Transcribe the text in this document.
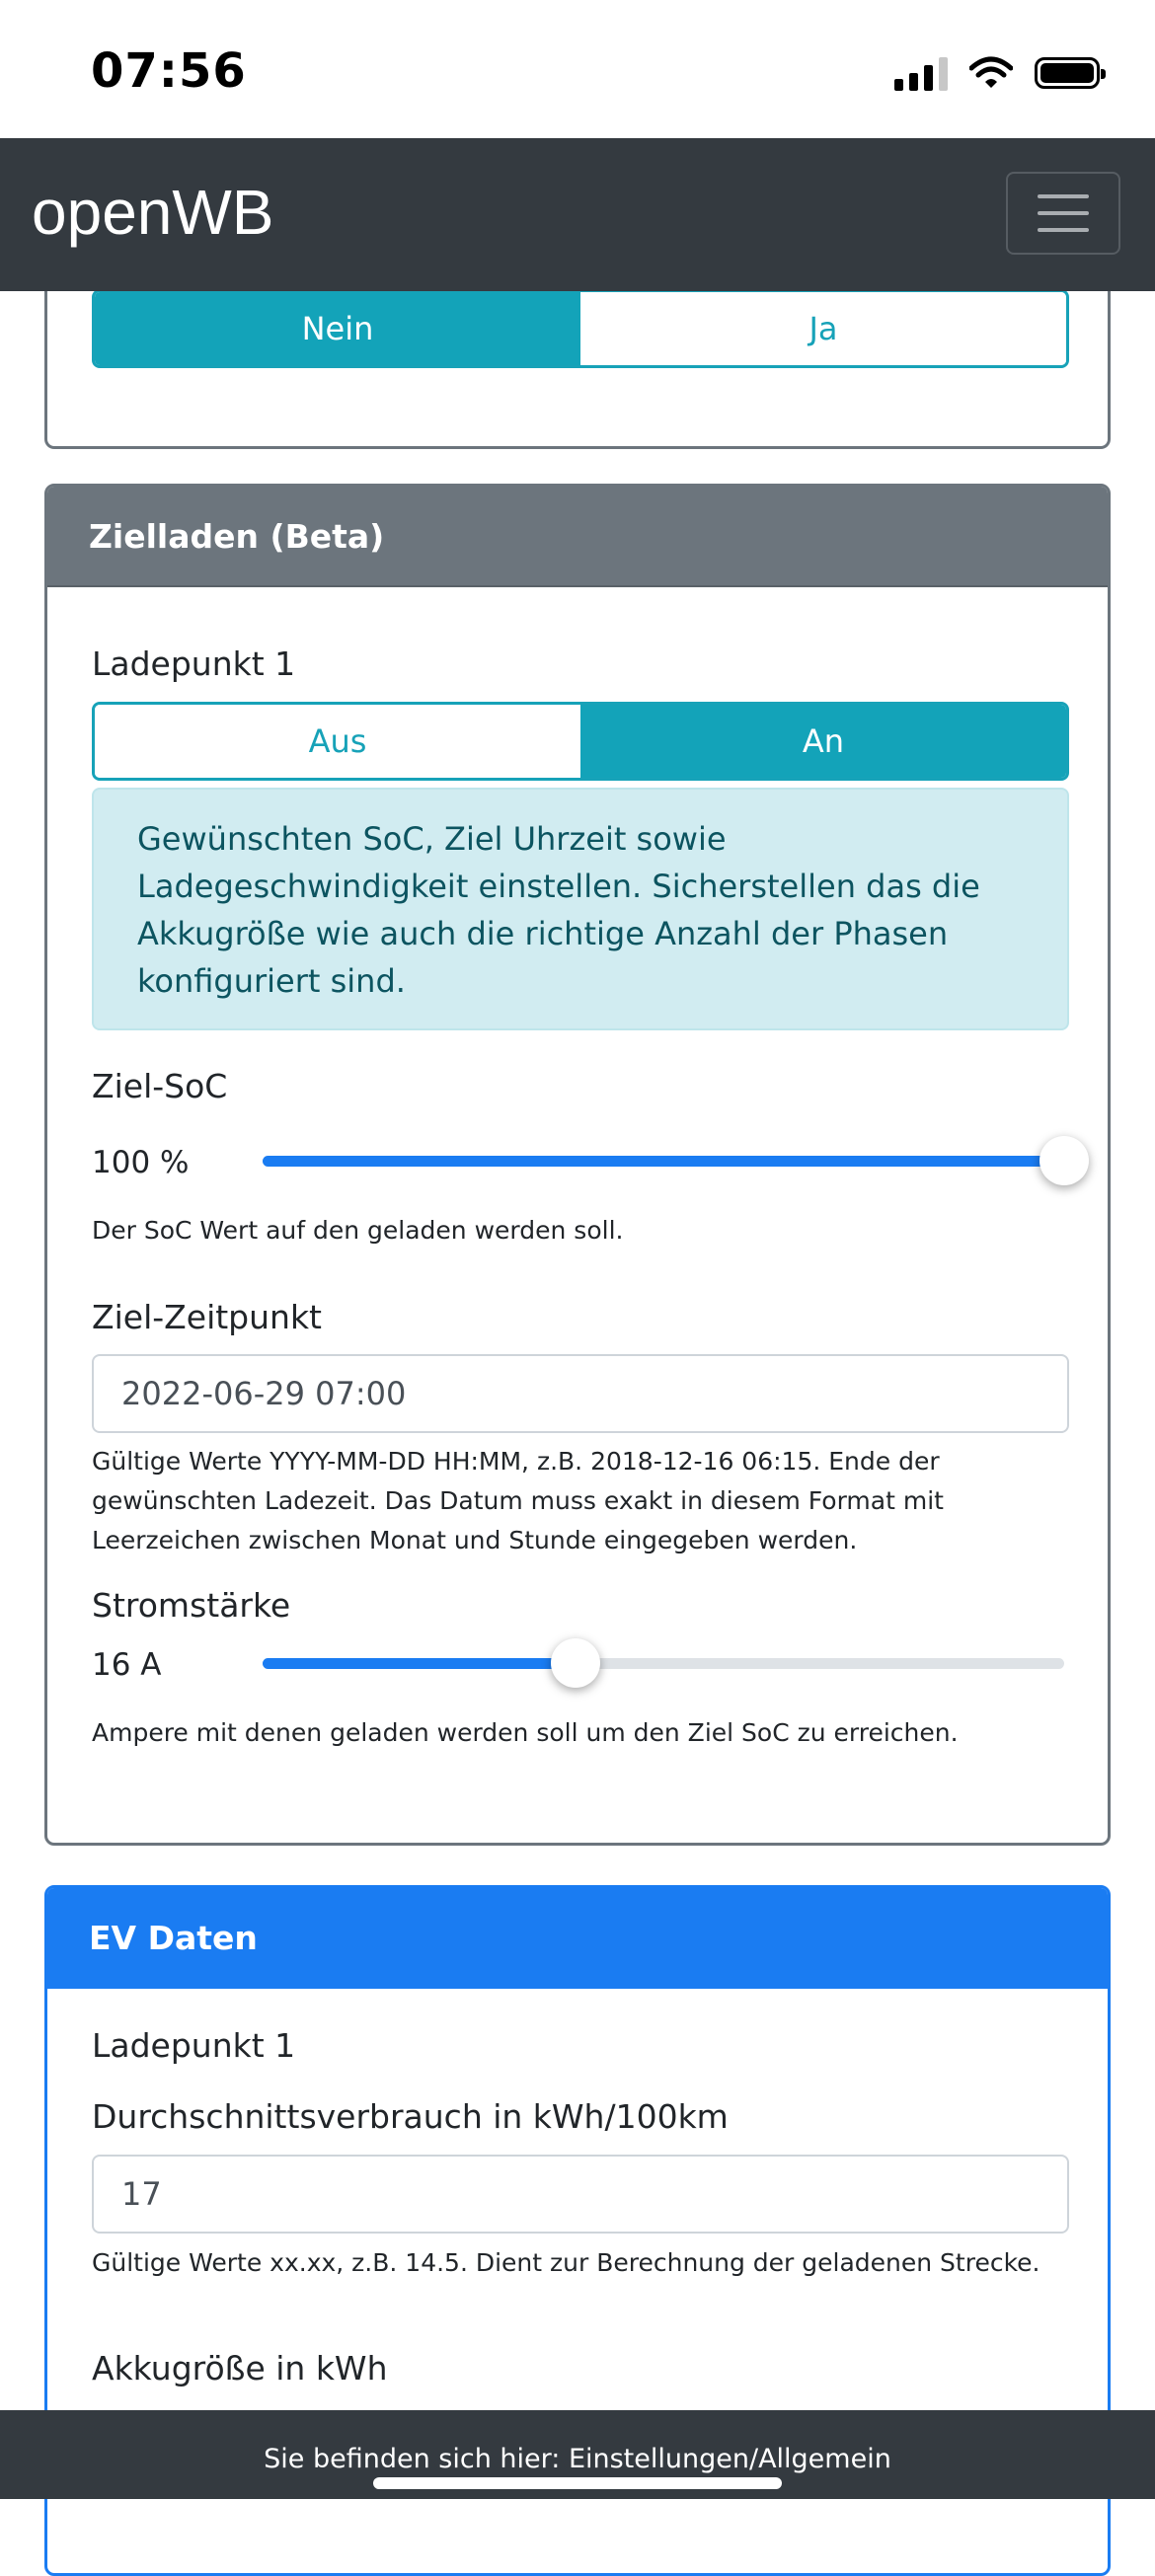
07:56
openWB
Nein	Ja
Zielladen (Beta)
Ladepunkt 1
Aus	An
Gewünschten SoC, Ziel Uhrzeit sowie Ladegeschwindigkeit einstellen. Sicherstellen das die Akkugröße wie auch die richtige Anzahl der Phasen konfiguriert sind.
Ziel-SoC
100 %
Der SoC Wert auf den geladen werden soll.
Ziel-Zeitpunkt
2022-06-29 07:00
Gültige Werte YYYY-MM-DD HH:MM, z.B. 2018-12-16 06:15. Ende der gewünschten Ladezeit. Das Datum muss exakt in diesem Format mit Leerzeichen zwischen Monat und Stunde eingegeben werden.
Stromstärke
16 A
Ampere mit denen geladen werden soll um den Ziel SoC zu erreichen.
EV Daten
Ladepunkt 1
Durchschnittsverbrauch in kWh/100km
17
Gültige Werte xx.xx, z.B. 14.5. Dient zur Berechnung der geladenen Strecke.
Akkugröße in kWh
Sie befinden sich hier: Einstellungen/Allgemein
